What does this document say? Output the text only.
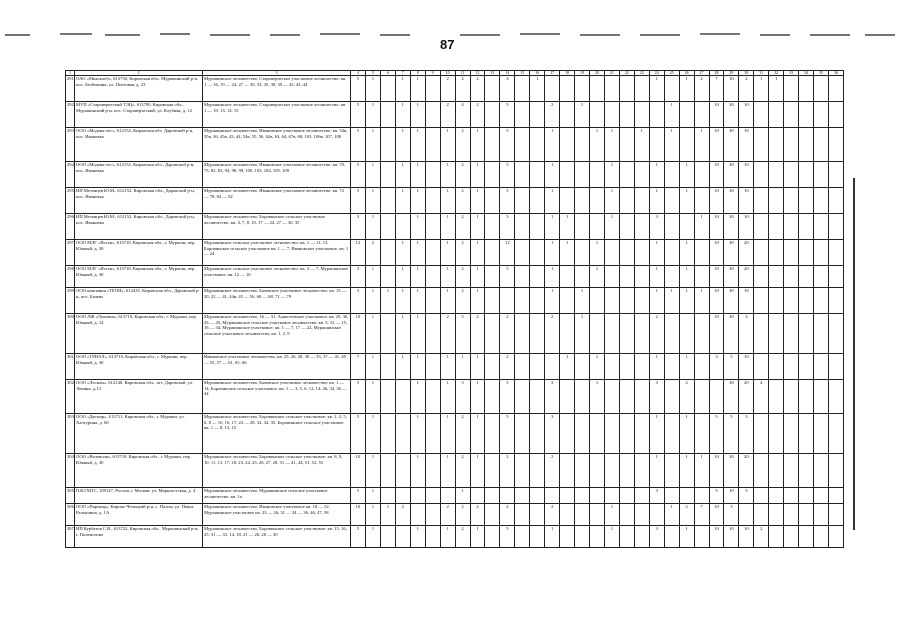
87
1	2	3	4	5	6	7	8	9	10	11	12	13	14	15	16	17	18	19	20	21	22	23	24	25	26	27	28	29	30	31	32	33	34	35	36
291	ОАО «Миксклеб», 613750, Кировская обл., Мурашинский р-н, пос. Безбожник, ул. Почтовая, д. 23	Мурашинское лесничество, Староверческое участковое лесничество: кв. 1 — 16, 19 — 24, 27 — 30, 33, 35, 38, 39 — 42, 43, 44	5	1		1	1		2	2	2		3		1								1		1	2	7	10	2	1	1				
292	МУП «Староверческий ТЭЦ», 613790, Кировская обл., Мурашинский р-н, пос. Староверческий, ул. Клубная, д. 12	Мурашинское лесничество, Староверческое участковое лесничество: кв. 1 — 10, 13, 14, 15	5	1		1	1		2	4	2		5			2		1						1			10	30	10						
293	ООО «Модена-лес», 612152, Кировская обл. Даровской р-н, пос. Ивановка	Мурашинское лесничество, Ивановское участковое лесничество: кв. 34в, 35в, 36, 45в, 43, 44, 54в, 55, 56, 62в, 63, 64, 67в, 68, 103, 106в, 107, 108	5	1		1	1		1	2	1		5			1			1	1		1		1		1	10	30	10						
294	ООО «Модена-лес», 612152, Кировская обл., Даровской р-н, пос. Ивановка	Мурашинское лесничество, Ивановское участковое лесничество: кв. 70, 73, 82, 83, 94, 98, 99, 100, 103, 104, 105, 109	5	1		1	1		1	2	1		5			1				1			1		1		10	30	10						
295	ИП Мезенцев Ю.М., 612152, Кировская обл., Даровской р-н, пос. Ивановка	Мурашинское лесничество, Ивановское участковое лесничество: кв. 72 — 78, 84 — 92	5	1		1	1		1	2	1		5			1				1			1		1		10	30	10						
296	ИП Мезенцев Ю.М., 612152, Кировская обл., Даровской р-н, пос. Ивановка	Мурашинское лесничество, Боровинское сельское участковое лесничество: кв. 4, 7, 8, 10, 17 — 24, 27 — 30, 35	3	1			1		1	2	1		3			1	1			1			3			1	10	30	10						
297	ООО МЛГ «Исток», 613710, Кировская обл., г. Мураши, пер. Южный, д. 30	Мурашинское сельское участковое лесничество: кв. 1 — 11, 13, Боровинское сельское участковое кв. 1 — 7, Ивановское участковое, кв. 1 — 24	12	2		1	1		1	2	1		12			1	1		1				1		1		10	30	20						
298	ООО МЛГ «Исток», 613710, Кировская обл., г. Мураши, пер. Южный, д. 30	Мурашинское сельское участковое лесничество: кв. 3 — 7, Мурашинское участковое, кв. 12 — 16	3	1		1	1		1	2	1		5			1			1				1		1		10	30	20						
299	ООО компания «ТЕОН», 612435, Кировская обл., Даровской р-н, пос. Бачева	Мурашинское лесничество, Бачевское участковое лесничество: кв. 15 — 20, 22 — 41, 44в, 45 — 56, 60 — 68, 71 — 79	3	1	1	1	1		1	2	1					1		1					1	1	1	1	10	30	10						
300	ООО ЛЖ «Луковка», 613710, Кировская обл., г. Мураши, пер. Южный, д. 14	Мурашинское лесничество, 16 — 31, Алаксеевское участковое, кв. 29, 30, 43 — 45, Мурашинское сельское участковое лесничество: кв. 5, 12 — 15, 16 — 34, Мурашинское участковое, кв. 1 — 7, 17 — 22, Мурашинское сельское участковое лесничество, кв. 1, 2, 9	10	1		1	1		2	5	2		2			2		1					2				10	30	3						
301	ООО «ТРИАЛ», 613710, Кировская обл., г. Мураши, пер. Южный, д. 30	Ивановское участковое лесничество, кв. 25, 26, 28, 30 — 33, 37 — 41, 45 — 55, 57 — 61, 65, 66	7	1		1	1		1	1	1		2				1		1				1		1		3	5	10						
302	ООО «Леском», 612140, Кировская обл., пгт. Даровской, ул. Ленина, д.13	Мурашинское лесничество, Бачевское участковое лесничество: кв. 1 — 14, Боровинское сельское участковое: кв. 1 — 3, 5, 6, 12, 14, 26, 34, 36 — 44	5	1			1		1	3	1		5			3			1				3		2			30	20	4					
303	ООО «Дюзаэр», 613711, Кировская обл., г. Мураши, ул. Халтурина, д. 60	Мурашинское лесничество, Боровинское сельское участковое: кв. 1, 2, 5, 6, 8 — 10, 16, 17, 24 — 28, 32, 34, 35, Боровинское сельское участковое: кв. 1 — 8, 13, 15	5	1			1		1	2	1		5			3							1		1		5	5	3						
304	ООО «Валенсия», 613710, Кировская обл., г. Мураши, пер. Южный, д. 30	Мурашинское лесничество, Боровинское сельское участковое: кв. 8, 9, 10, 11, 13, 17, 18, 23, 24, 25, 26, 27, 28, 31 — 41, 44, 51, 52, 55	10	1			1		1	2	1		2			2							1		1	1	10	30	20						
305	ПАО МТС, 109147, Россия, г. Москва, ул. Марксистская, д. 4	Мурашинское лесничество, Мурашинское сельское участковое лесничество: кв. 1ч	5	1						1													3				5	10	5						
306	ООО «Партнер», Кирово-Чепецкий р-н, с. Полом, ул. Павла Ральичина, д. 1А	Мурашинское лесничество, Ивановское участковое кв. 18 — 52, Мурашинское участковое кв. 23 — 26, 31 — 34 — 36, 46, 47, 58	10	1	1	2			2	2	2		2			2				1				1	2	7	10	3							
307	ИП Курбатов С.В., 613722, Кировская обл., Мурашинский р-н, г. Полемозово	Мурашинское лесничество, Боровинское сельское участковое: кв. 15, 16, 25, 31 — 33, 14, 18, 21 — 26, 28 — 30	5	1			1		1	2	1		5			1				1			3		1		10	10	10	2					
